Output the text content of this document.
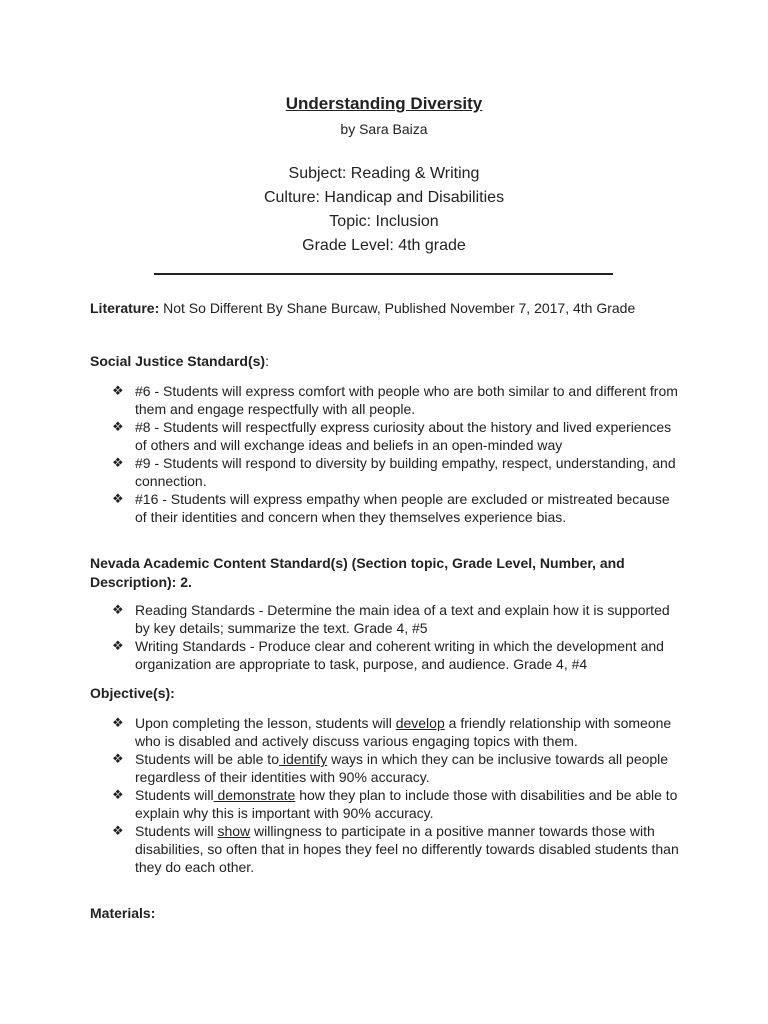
Understanding Diversity
by Sara Baiza
Subject: Reading & Writing
Culture: Handicap and Disabilities
Topic: Inclusion
Grade Level: 4th grade
Literature: Not So Different By Shane Burcaw, Published November 7, 2017, 4th Grade
Social Justice Standard(s):
❖ #6 - Students will express comfort with people who are both similar to and different from them and engage respectfully with all people.
❖ #8 - Students will respectfully express curiosity about the history and lived experiences of others and will exchange ideas and beliefs in an open-minded way
❖ #9 - Students will respond to diversity by building empathy, respect, understanding, and connection.
❖ #16 - Students will express empathy when people are excluded or mistreated because of their identities and concern when they themselves experience bias.
Nevada Academic Content Standard(s) (Section topic, Grade Level, Number, and Description): 2.
❖ Reading Standards - Determine the main idea of a text and explain how it is supported by key details; summarize the text. Grade 4, #5
❖ Writing Standards - Produce clear and coherent writing in which the development and organization are appropriate to task, purpose, and audience. Grade 4, #4
Objective(s):
❖ Upon completing the lesson, students will develop a friendly relationship with someone who is disabled and actively discuss various engaging topics with them.
❖ Students will be able to identify ways in which they can be inclusive towards all people regardless of their identities with 90% accuracy.
❖ Students will demonstrate how they plan to include those with disabilities and be able to explain why this is important with 90% accuracy.
❖ Students will show willingness to participate in a positive manner towards those with disabilities, so often that in hopes they feel no differently towards disabled students than they do each other.
Materials:
